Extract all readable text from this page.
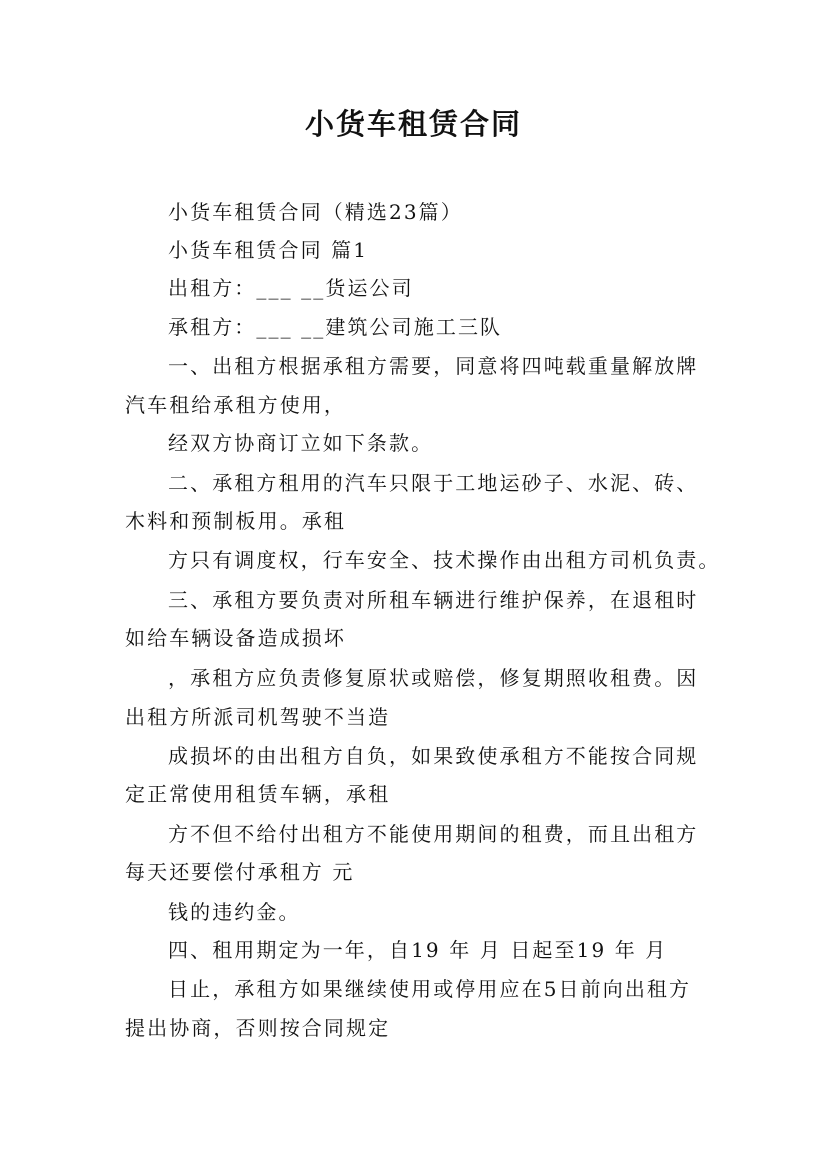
小货车租赁合同
小货车租赁合同（精选23篇）
小货车租赁合同 篇1
出租方：___ __货运公司
承租方：___ __建筑公司施工三队
一、出租方根据承租方需要，同意将四吨载重量解放牌
汽车租给承租方使用，
经双方协商订立如下条款。
二、承租方租用的汽车只限于工地运砂子、水泥、砖、
木料和预制板用。承租
方只有调度权，行车安全、技术操作由出租方司机负责。
三、承租方要负责对所租车辆进行维护保养，在退租时
如给车辆设备造成损坏
，承租方应负责修复原状或赔偿，修复期照收租费。因
出租方所派司机驾驶不当造
成损坏的由出租方自负，如果致使承租方不能按合同规
定正常使用租赁车辆，承租
方不但不给付出租方不能使用期间的租费，而且出租方
每天还要偿付承租方 元
钱的违约金。
四、租用期定为一年，自19 年 月 日起至19 年 月
日止，承租方如果继续使用或停用应在5日前向出租方
提出协商，否则按合同规定
